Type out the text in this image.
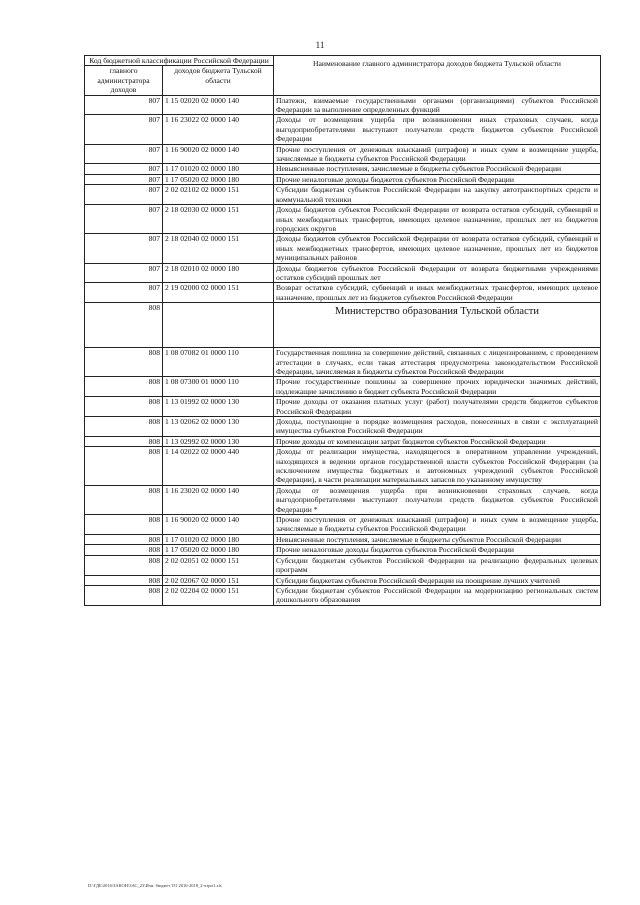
11
Код бюджетной классификации Российской Федерации		Наименование главного администратора доходов бюджета Тульской области
главного администратора доходов	доходов бюджета Тульской области	
807	1 15 02020 02 0000 140	Платежи, взимаемые государственными органами (организациями) субъектов Российской Федерации за выполнение определенных функций
807	1 16 23022 02 0000 140	Доходы от возмещения ущерба при возникновении иных страховых случаев, когда выгодоприобретателями выступают получатели средств бюджетов субъектов Российской Федерации
807	1 16 90020 02 0000 140	Прочие поступления от денежных взысканий (штрафов) и иных сумм в возмещение ущерба, зачисляемые в бюджеты субъектов Российской Федерации
807	1 17 01020 02 0000 180	Невыясненные поступления, зачисляемые в бюджеты субъектов Российской Федерации
807	1 17 05020 02 0000 180	Прочие неналоговые доходы бюджетов субъектов Российской Федерации
807	2 02 02102 02 0000 151	Субсидии бюджетам субъектов Российской Федерации на закупку автотранспортных средств и коммунальной техники
807	2 18 02030 02 0000 151	Доходы бюджетов субъектов Российской Федерации от возврата остатков субсидий, субвенций и иных межбюджетных трансфертов, имеющих целевое назначение, прошлых лет из бюджетов городских округов
807	2 18 02040 02 0000 151	Доходы бюджетов субъектов Российской Федерации от возврата остатков субсидий, субвенций и иных межбюджетных трансфертов, имеющих целевое назначение, прошлых лет из бюджетов муниципальных районов
807	2 18 02010 02 0000 180	Доходы бюджетов субъектов Российской Федерации от возврата бюджетными учреждениями остатков субсидий прошлых лет
807	2 19 02000 02 0000 151	Возврат остатков субсидий, субвенций и иных межбюджетных трансфертов, имеющих целевое назначение, прошлых лет из бюджетов субъектов Российской Федерации
808		Министерство образования Тульской области
808	1 08 07082 01 0000 110	Государственная пошлина за совершение действий, связанных с лицензированием, с проведением аттестации в случаях, если такая аттестация предусмотрена законодательством Российской Федерации, зачисляемая в бюджеты субъектов Российской Федерации
808	1 08 07300 01 0000 110	Прочие государственные пошлины за совершение прочих юридически значимых действий, подлежащие зачислению в бюджет субъекта Российской Федерации
808	1 13 01992 02 0000 130	Прочие доходы от оказания платных услуг (работ) получателями средств бюджетов субъектов Российской Федерации
808	1 13 02062 02 0000 130	Доходы, поступающие в порядке возмещения расходов, понесенных в связи с эксплуатацией имущества субъектов Российской Федерации
808	1 13 02992 02 0000 130	Прочие доходы от компенсации затрат бюджетов субъектов Российской Федерации
808	1 14 02022 02 0000 440	Доходы от реализации имущества, находящегося в оперативном управлении учреждений, находящихся в ведении органов государственной власти субъектов Российской Федерации (за исключением имущества бюджетных и автономных учреждений субъектов Российской Федерации), в части реализации материальных запасов по указанному имуществу
808	1 16 23020 02 0000 140	Доходы от возмещения ущерба при возникновении страховых случаев, когда выгодоприобретателями выступают получатели средств бюджетов субъектов Российской Федерации *
808	1 16 90020 02 0000 140	Прочие поступления от денежных взысканий (штрафов) и иных сумм в возмещение ущерба, зачисляемые в бюджеты субъектов Российской Федерации
808	1 17 01020 02 0000 180	Невыясненные поступления, зачисляемые в бюджеты субъектов Российской Федерации
808	1 17 05020 02 0000 180	Прочие неналоговые доходы бюджетов субъектов Российской Федерации
808	2 02 02051 02 0000 151	Субсидии бюджетам субъектов Российской Федерации на реализацию федеральных целевых программ
808	2 02 02067 02 0000 151	Субсидии бюджетам субъектов Российской Федерации на поощрение лучших учителей
808	2 02 02204 02 0000 151	Субсидии бюджетам субъектов Российской Федерации на модернизацию региональных систем дошкольного образования
D:\ГДБ\2016\ЗАКОН\ЗАС_23\Изм. бюджет ТО 2016-2018_2-чтрп1.xls
